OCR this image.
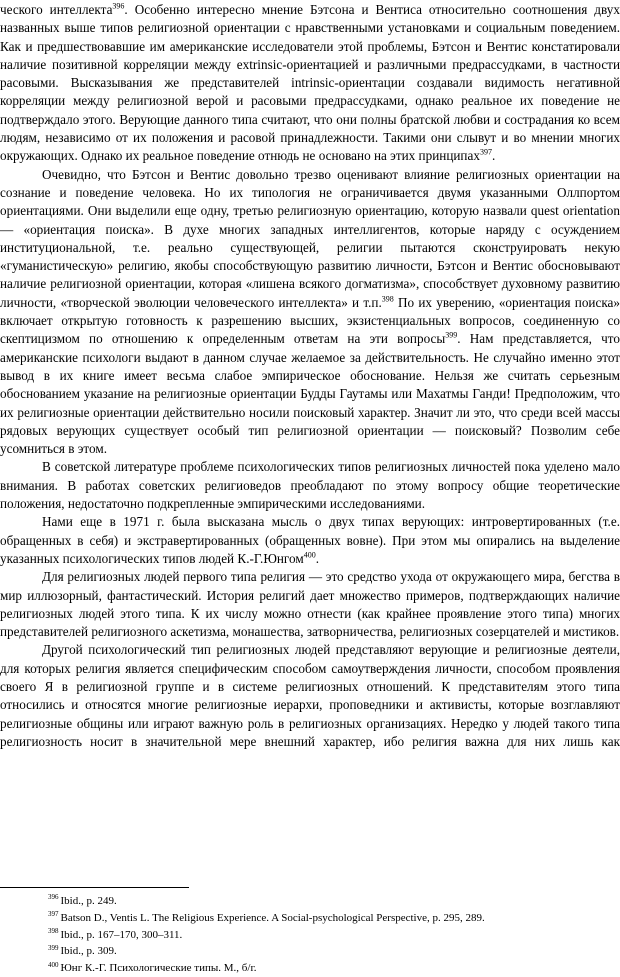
ческого интеллекта$^{396}$. Особенно интересно мнение Бэтсона и Вентиса относительно соотношения двух названных выше типов религиозной ориентации с нравственными установками и социальным поведением. Как и предшествовавшие им американские исследователи этой проблемы, Бэтсон и Вентис констатировали наличие позитивной корреляции между extrinsic-ориентацией и различными предрассудками, в частности расовыми. Высказывания же представителей intrinsic-ориентации создавали видимость негативной корреляции между религиозной верой и расовыми предрассудками, однако реальное их поведение не подтверждало этого. Верующие данного типа считают, что они полны братской любви и сострадания ко всем людям, независимо от их положения и расовой принадлежности. Такими они слывут и во мнении многих окружающих. Однако их реальное поведение отнюдь не основано на этих принципах$^{397}$.

Очевидно, что Бэтсон и Вентис довольно трезво оценивают влияние религиозных ориентации на сознание и поведение человека. Но их типология не ограничивается двумя указанными Оллпортом ориентациями. Они выделили еще одну, третью религиозную ориентацию, которую назвали quest orientation — «ориентация поиска». В духе многих западных интеллигентов, которые наряду с осуждением институциональной, т.е. реально существующей, религии пытаются сконструировать некую «гуманистическую» религию, якобы способствующую развитию личности, Бэтсон и Вентис обосновывают наличие религиозной ориентации, которая «лишена всякого догматизма», способствует духовному развитию личности, «творческой эволюции человеческого интеллекта» и т.п.$^{398}$ По их уверению, «ориентация поиска» включает открытую готовность к разрешению высших, экзистенциальных вопросов, соединенную со скептицизмом по отношению к определенным ответам на эти вопросы$^{399}$. Нам представляется, что американские психологи выдают в данном случае желаемое за действительность. Не случайно именно этот вывод в их книге имеет весьма слабое эмпирическое обоснование. Нельзя же считать серьезным обоснованием указание на религиозные ориентации Будды Гаутамы или Махатмы Ганди! Предположим, что их религиозные ориентации действительно носили поисковый характер. Значит ли это, что среди всей массы рядовых верующих существует особый тип религиозной ориентации — поисковый? Позволим себе усомниться в этом.

В советской литературе проблеме психологических типов религиозных личностей пока уделено мало внимания. В работах советских религиоведов преобладают по этому вопросу общие теоретические положения, недостаточно подкрепленные эмпирическими исследованиями.

Нами еще в 1971 г. была высказана мысль о двух типах верующих: интровертированных (т.е. обращенных в себя) и экстравертированных (обращенных вовне). При этом мы опирались на выделение указанных психологических типов людей К.-Г.Юнгом$^{400}$.

Для религиозных людей первого типа религия — это средство ухода от окружающего мира, бегства в мир иллюзорный, фантастический. История религий дает множество примеров, подтверждающих наличие религиозных людей этого типа. К их числу можно отнести (как крайнее проявление этого типа) многих представителей религиозного аскетизма, монашества, затворничества, религиозных созерцателей и мистиков.

Другой психологический тип религиозных людей представляют верующие и религиозные деятели, для которых религия является специфическим способом самоутверждения личности, способом проявления своего Я в религиозной группе и в системе религиозных отношений. К представителям этого типа относились и относятся многие религиозные иерархи, проповедники и активисты, которые возглавляют религиозные общины или играют важную роль в религиозных организациях. Нередко у людей такого типа религиозность носит в значительной мере внешний характер, ибо религия важна для них лишь как

$^{396}$ Ibid., p. 249.
$^{397}$ Batson D., Ventis L. The Religious Experience. A Social-psychological Perspective, p. 295, 289.
$^{398}$ Ibid., p. 167–170, 300–311.
$^{399}$ Ibid., p. 309.
$^{400}$ Юнг К.-Г. Психологические типы. М., б/г.
